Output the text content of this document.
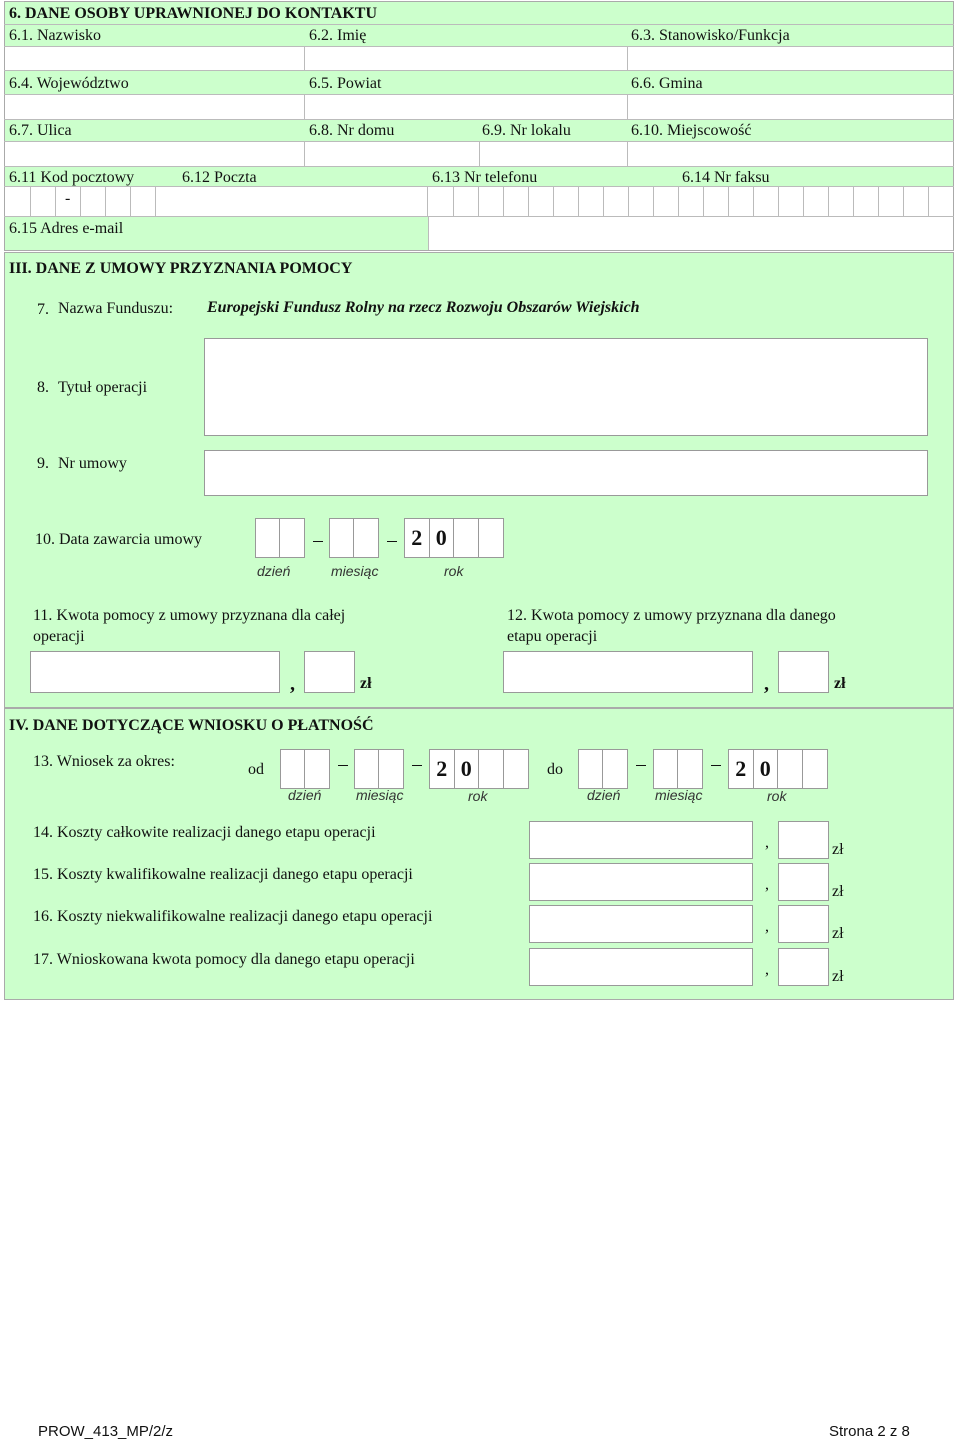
6. DANE OSOBY UPRAWNIONEJ DO KONTAKTU
6.1. Nazwisko	6.2. Imię	6.3. Stanowisko/Funkcja
6.4. Województwo	6.5. Powiat	6.6. Gmina
6.7. Ulica	6.8. Nr domu	6.9. Nr lokalu	6.10. Miejscowość
6.11 Kod pocztowy	6.12 Poczta	6.13 Nr telefonu	6.14 Nr faksu
-
6.15 Adres e-mail
III. DANE Z UMOWY PRZYZNANIA POMOCY
7. Nazwa Funduszu: Europejski Fundusz Rolny na rzecz Rozwoju Obszarów Wiejskich
8. Tytuł operacji
9. Nr umowy
10. Data zawarcia umowy	2 0
dzień	miesiąc	rok
11. Kwota pomocy z umowy przyznana dla całej
operacji
12. Kwota pomocy z umowy przyznana dla danego
etapu operacji
,	zł	,	zł
IV. DANE DOTYCZĄCE WNIOSKU O PŁATNOŚĆ
13. Wniosek za okres:	od	2 0
dzień miesiąc	rok
do	2 0
dzień miesiąc	rok
14. Koszty całkowite realizacji danego etapu operacji
,	zł
15. Koszty kwalifikowalne realizacji danego etapu operacji
,	zł
16. Koszty niekwalifikowalne realizacji danego etapu operacji
,	zł
17. Wnioskowana kwota pomocy dla danego etapu operacji
,	zł
PROW_413_MP/2/z	Strona 2 z 8
